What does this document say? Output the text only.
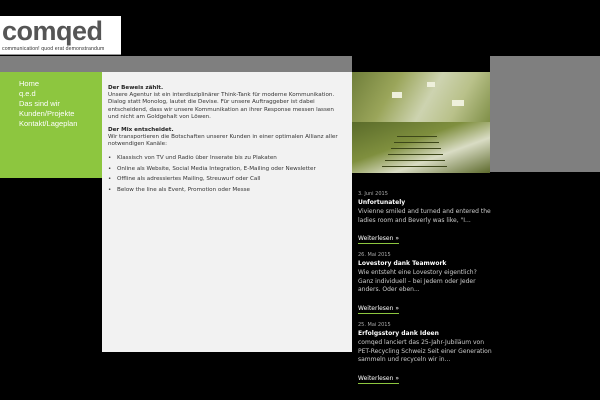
comqed
communication! quod erat demonstrandum
Home
q.e.d
Das sind wir
Kunden/Projekte
Kontakt/Lageplan
Der Beweis zählt.

Unsere Agentur ist ein interdisziplinärer Think-Tank für moderne Kommunikation. Dialog statt Monolog, lautet die Devise. Für unsere Auftraggeber ist dabei entscheidend, dass wir unsere Kommunikation an ihrer Response messen lassen und nicht am Goldgehalt von Löwen.

Der Mix entscheidet.

Wir transportieren die Botschaften unserer Kunden in einer optimalen Allianz aller notwendigen Kanäle:

• Klassisch von TV und Radio über Inserate bis zu Plakaten
• Online als Website, Social Media Integration, E-Mailing oder Newsletter
• Offline als adressiertes Mailing, Streuwurf oder Call
• Below the line als Event, Promotion oder Messe
3. Juni 2015
Unfortunately
Vivienne smiled and turned and entered the ladies room and Beverly was like, "I...
Weiterlesen »
26. Mai 2015
Lovestory dank Teamwork
Wie entsteht eine Lovestory eigentlich? Ganz individuell – bei Jedem oder Jeder anders. Oder eben...
Weiterlesen »
25. Mai 2015
Erfolgsstory dank Ideen
comqed lanciert das 25-Jahr-Jubiläum von PET-Recycling Schweiz Seit einer Generation sammeln und recyceln wir in...
Weiterlesen »
